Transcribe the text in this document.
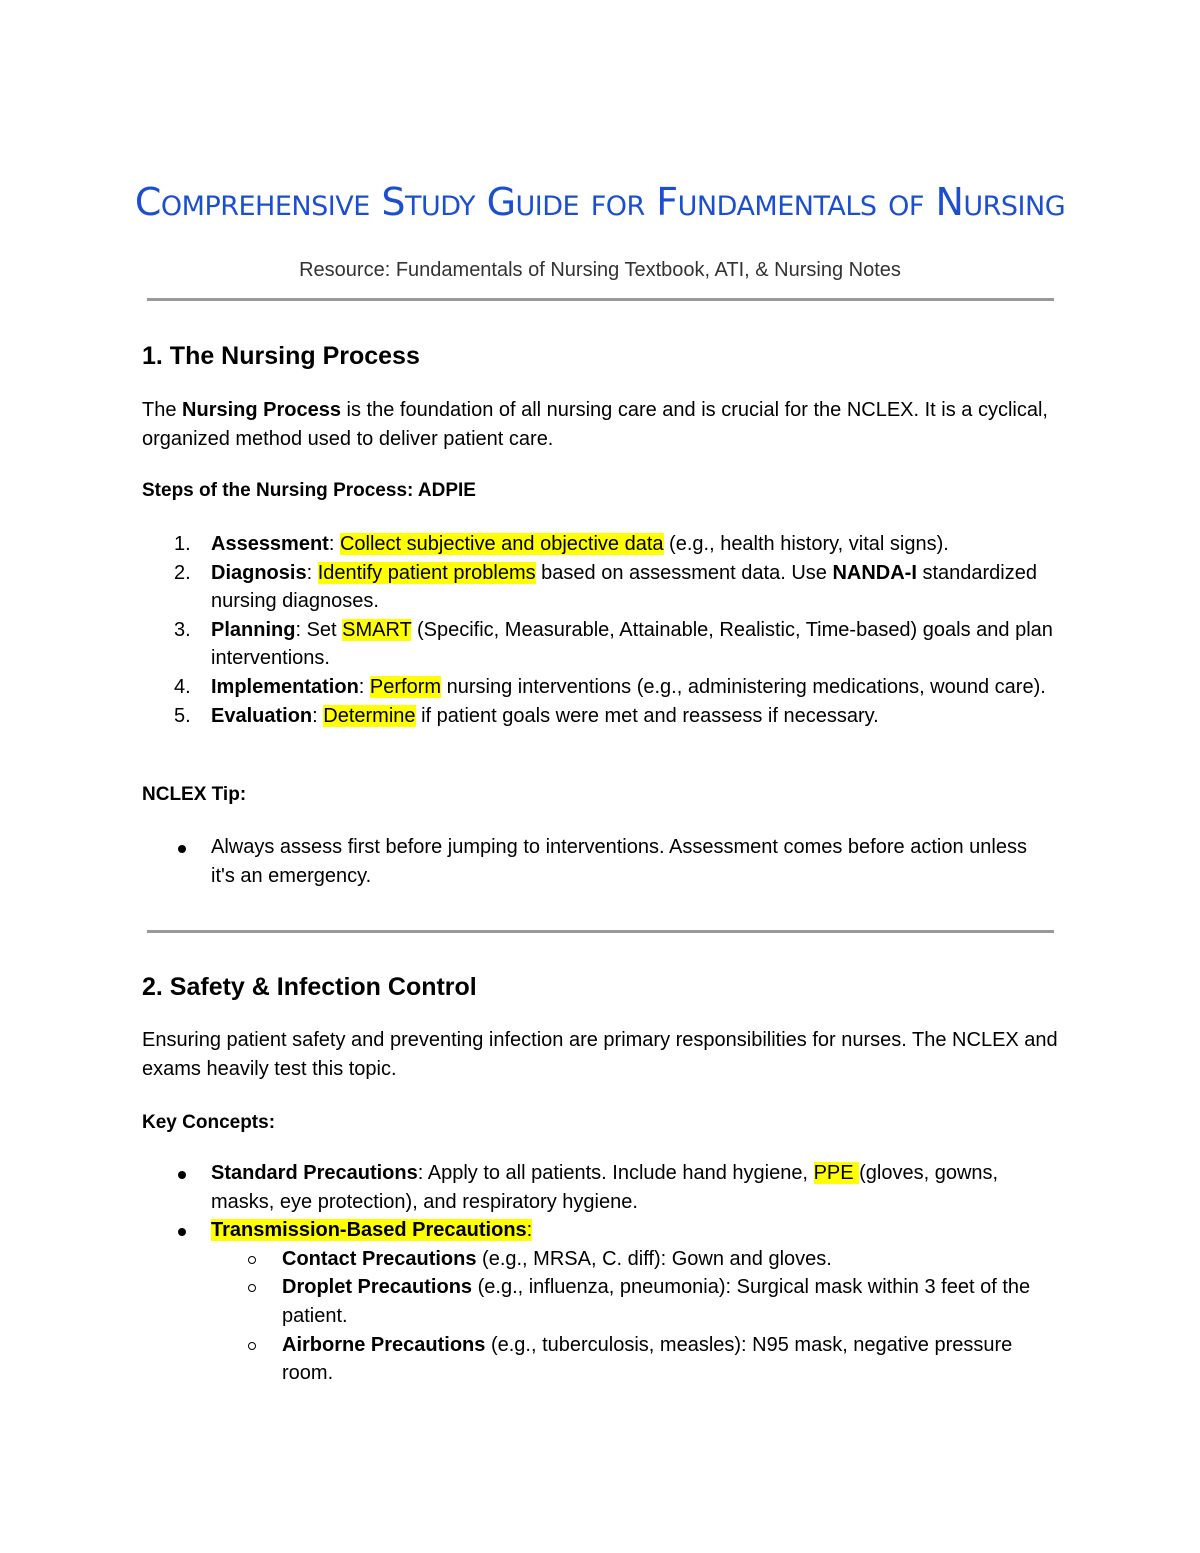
Comprehensive Study Guide for Fundamentals of Nursing

Resource: Fundamentals of Nursing Textbook, ATI, & Nursing Notes

1. The Nursing Process

The Nursing Process is the foundation of all nursing care and is crucial for the NCLEX. It is a cyclical, organized method used to deliver patient care.

Steps of the Nursing Process: ADPIE

1. Assessment: Collect subjective and objective data (e.g., health history, vital signs).
2. Diagnosis: Identify patient problems based on assessment data. Use NANDA-I standardized nursing diagnoses.
3. Planning: Set SMART (Specific, Measurable, Attainable, Realistic, Time-based) goals and plan interventions.
4. Implementation: Perform nursing interventions (e.g., administering medications, wound care).
5. Evaluation: Determine if patient goals were met and reassess if necessary.

NCLEX Tip:

Always assess first before jumping to interventions. Assessment comes before action unless it's an emergency.
2. Safety & Infection Control

Ensuring patient safety and preventing infection are primary responsibilities for nurses. The NCLEX and exams heavily test this topic.

Key Concepts:

Standard Precautions: Apply to all patients. Include hand hygiene, PPE (gloves, gowns, masks, eye protection), and respiratory hygiene.
Transmission-Based Precautions:
Contact Precautions (e.g., MRSA, C. diff): Gown and gloves.
Droplet Precautions (e.g., influenza, pneumonia): Surgical mask within 3 feet of the patient.
Airborne Precautions (e.g., tuberculosis, measles): N95 mask, negative pressure room.
